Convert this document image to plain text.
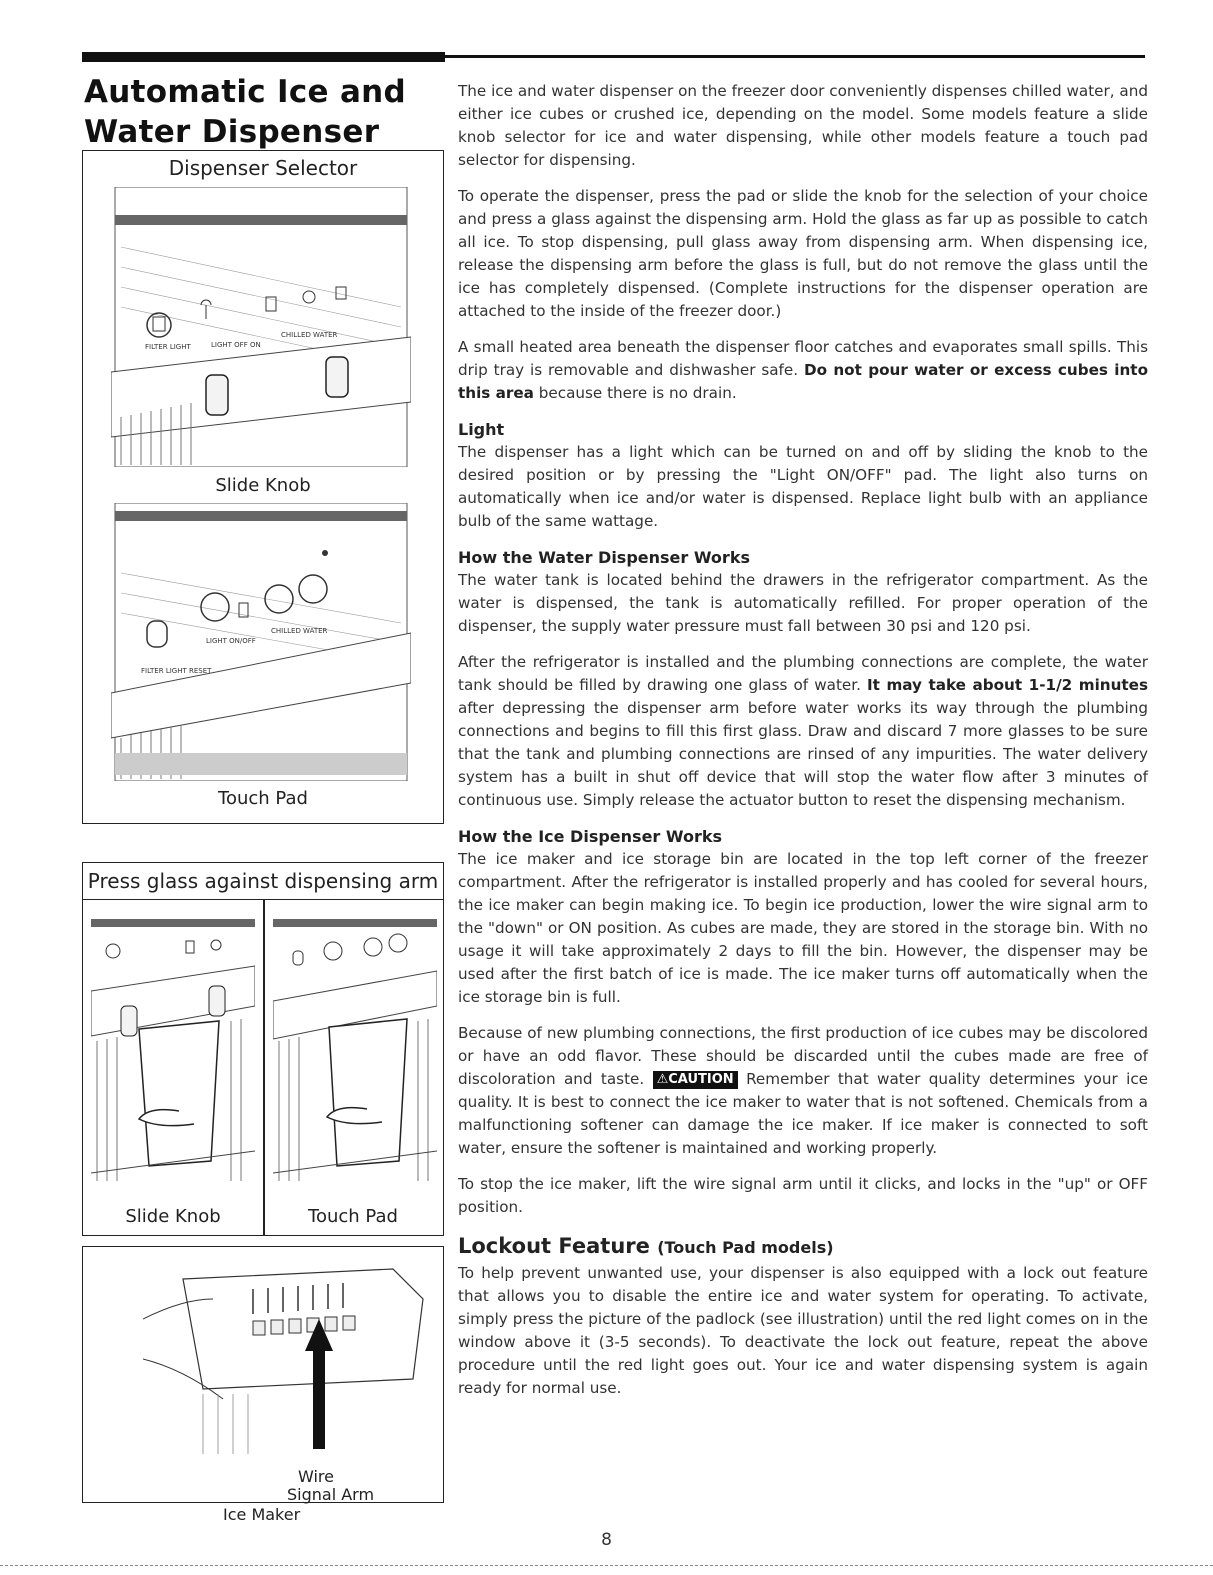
Automatic Ice and
Water Dispenser
Dispenser Selector
FILTER LIGHT	LIGHT OFF ON
CHILLED WATER
Slide Knob
FILTER LIGHT RESET
LIGHT ON/OFF
CHILLED WATER
Touch Pad
Press glass against dispensing arm
Slide Knob	Touch Pad
Wire
Signal Arm
Ice Maker

The ice and water dispenser on the freezer door conveniently dispenses chilled water, and either ice cubes or crushed ice, depending on the model. Some models feature a slide knob selector for ice and water dispensing, while other models feature a touch pad selector for dispensing.

To operate the dispenser, press the pad or slide the knob for the selection of your choice and press a glass against the dispensing arm. Hold the glass as far up as possible to catch all ice. To stop dispensing, pull glass away from dispensing arm. When dispensing ice, release the dispensing arm before the glass is full, but do not remove the glass until the ice has completely dispensed. (Complete instructions for the dispenser operation are attached to the inside of the freezer door.)

A small heated area beneath the dispenser floor catches and evaporates small spills. This drip tray is removable and dishwasher safe. Do not pour water or excess cubes into this area because there is no drain.

Light

The dispenser has a light which can be turned on and off by sliding the knob to the desired position or by pressing the "Light ON/OFF" pad. The light also turns on automatically when ice and/or water is dispensed. Replace light bulb with an appliance bulb of the same wattage.

How the Water Dispenser Works

The water tank is located behind the drawers in the refrigerator compartment. As the water is dispensed, the tank is automatically refilled. For proper operation of the dispenser, the supply water pressure must fall between 30 psi and 120 psi.

After the refrigerator is installed and the plumbing connections are complete, the water tank should be filled by drawing one glass of water. It may take about 1-1/2 minutes after depressing the dispenser arm before water works its way through the plumbing connections and begins to fill this first glass. Draw and discard 7 more glasses to be sure that the tank and plumbing connections are rinsed of any impurities. The water delivery system has a built in shut off device that will stop the water flow after 3 minutes of continuous use. Simply release the actuator button to reset the dispensing mechanism.

How the Ice Dispenser Works

The ice maker and ice storage bin are located in the top left corner of the freezer compartment. After the refrigerator is installed properly and has cooled for several hours, the ice maker can begin making ice. To begin ice production, lower the wire signal arm to the "down" or ON position. As cubes are made, they are stored in the storage bin. With no usage it will take approximately 2 days to fill the bin. However, the dispenser may be used after the first batch of ice is made. The ice maker turns off automatically when the ice storage bin is full.

Because of new plumbing connections, the first production of ice cubes may be discolored or have an odd flavor. These should be discarded until the cubes made are free of discoloration and taste. ⚠CAUTION Remember that water quality determines your ice quality. It is best to connect the ice maker to water that is not softened. Chemicals from a malfunctioning softener can damage the ice maker. If ice maker is connected to soft water, ensure the softener is maintained and working properly.

To stop the ice maker, lift the wire signal arm until it clicks, and locks in the "up" or OFF position.

Lockout Feature (Touch Pad models)

To help prevent unwanted use, your dispenser is also equipped with a lock out feature that allows you to disable the entire ice and water system for operating. To activate, simply press the picture of the padlock (see illustration) until the red light comes on in the window above it (3-5 seconds). To deactivate the lock out feature, repeat the above procedure until the red light goes out. Your ice and water dispensing system is again ready for normal use.

8
